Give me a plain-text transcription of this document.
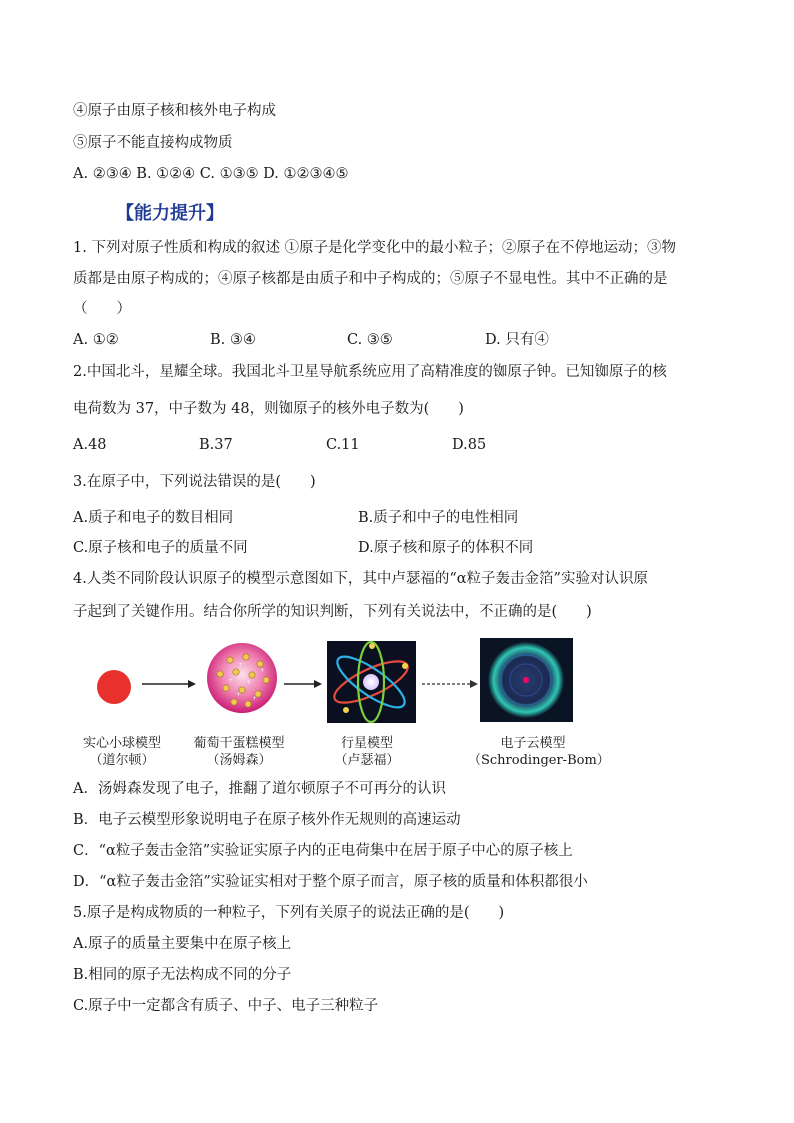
④原子由原子核和核外电子构成
⑤原子不能直接构成物质
A. ②③④ B. ①②④ C. ①③⑤ D. ①②③④⑤
【能力提升】
1. 下列对原子性质和构成的叙述 ①原子是化学变化中的最小粒子；②原子在不停地运动；③物
质都是由原子构成的；④原子核都是由质子和中子构成的；⑤原子不显电性。其中不正确的是
（　　）
A. ①②	B. ③④	C. ③⑤	D. 只有④
2.中国北斗，星耀全球。我国北斗卫星导航系统应用了高精准度的铷原子钟。已知铷原子的核
电荷数为 37，中子数为 48，则铷原子的核外电子数为(　　)
A.48	B.37	C.11	D.85
3.在原子中，下列说法错误的是(　　)
A.质子和电子的数目相同	B.质子和中子的电性相同
C.原子核和电子的质量不同	D.原子核和原子的体积不同
4.人类不同阶段认识原子的模型示意图如下，其中卢瑟福的“α粒子轰击金箔”实验对认识原
子起到了关键作用。结合你所学的知识判断，下列有关说法中，不正确的是(　　)
+
+ +
+
+
+
实心小球模型
（道尔顿）
葡萄干蛋糕模型
（汤姆森）
行星模型
（卢瑟福）
电子云模型
（Schrodinger-Bom）
A．汤姆森发现了电子，推翻了道尔顿原子不可再分的认识
B．电子云模型形象说明电子在原子核外作无规则的高速运动
C．“α粒子轰击金箔”实验证实原子内的正电荷集中在居于原子中心的原子核上
D．“α粒子轰击金箔”实验证实相对于整个原子而言，原子核的质量和体积都很小
5.原子是构成物质的一种粒子，下列有关原子的说法正确的是(　　)
A.原子的质量主要集中在原子核上
B.相同的原子无法构成不同的分子
C.原子中一定都含有质子、中子、电子三种粒子
